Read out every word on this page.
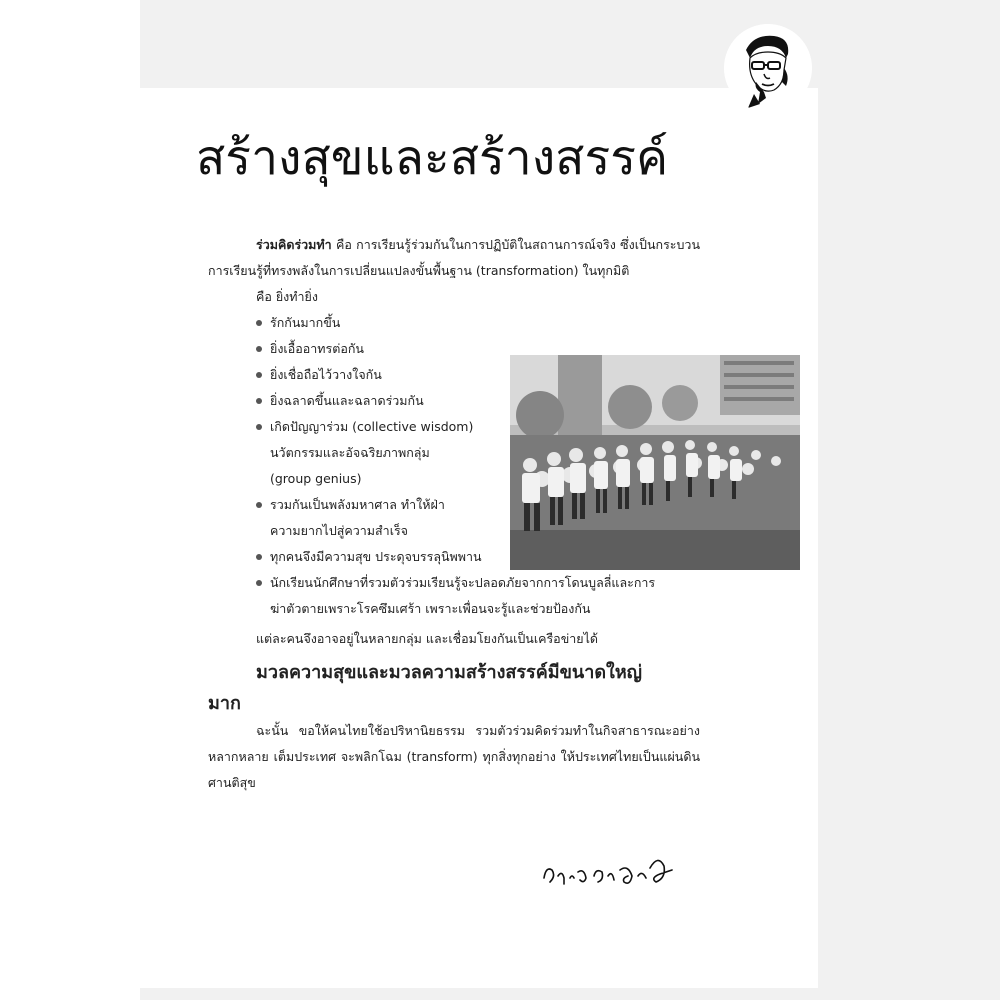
สร้างสุขและสร้างสรรค์

ร่วมคิดร่วมทำ คือ การเรียนรู้ร่วมกันในการปฏิบัติในสถานการณ์จริง ซึ่งเป็นกระบวนการเรียนรู้ที่ทรงพลังในการเปลี่ยนแปลงขั้นพื้นฐาน (transformation) ในทุกมิติ

คือ ยิ่งทำยิ่ง

รักกันมากขึ้น
ยิ่งเอื้ออาทรต่อกัน
ยิ่งเชื่อถือไว้วางใจกัน
ยิ่งฉลาดขึ้นและฉลาดร่วมกัน
เกิดปัญญาร่วม (collective wisdom)
นวัตกรรมและอัจฉริยภาพกลุ่ม
(group genius)
รวมกันเป็นพลังมหาศาล ทำให้ฝ่า
ความยากไปสู่ความสำเร็จ
ทุกคนจึงมีความสุข ประดุจบรรลุนิพพาน
นักเรียนนักศึกษาที่รวมตัวร่วมเรียนรู้จะปลอดภัยจากการโดนบูลลี่และการ
ฆ่าตัวตายเพราะโรคซึมเศร้า เพราะเพื่อนจะรู้และช่วยป้องกัน

แต่ละคนจึงอาจอยู่ในหลายกลุ่ม และเชื่อมโยงกันเป็นเครือข่ายได้

มวลความสุขและมวลความสร้างสรรค์มีขนาดใหญ่

มาก

ฉะนั้น ขอให้คนไทยใช้อปริหานิยธรรม รวมตัวร่วมคิดร่วมทำในกิจสาธารณะอย่างหลากหลาย เต็มประเทศ จะพลิกโฉม (transform) ทุกสิ่งทุกอย่าง ให้ประเทศไทยเป็นแผ่นดินศานติสุข
